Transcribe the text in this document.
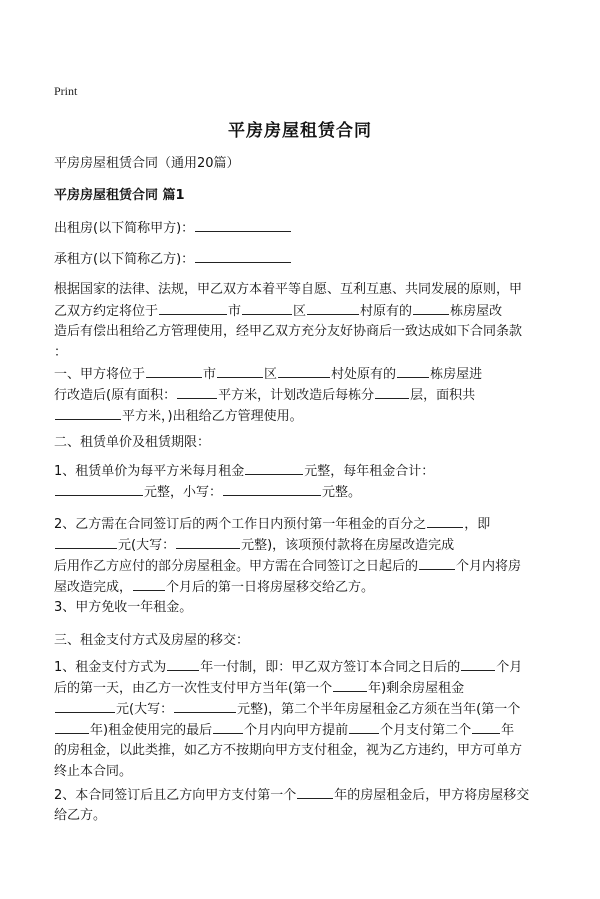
Print
平房房屋租赁合同
平房房屋租赁合同（通用20篇）
平房房屋租赁合同 篇1
出租房(以下简称甲方)：
承租方(以下简称乙方)：
根据国家的法律、法规，甲乙双方本着平等自愿、互利互惠、共同发展的原则，甲
乙双方约定将位于	市	区	村原有的	栋房屋改
造后有偿出租给乙方管理使用，经甲乙双方充分友好协商后一致达成如下合同条款
：
一、甲方将位于	市	区	村处原有的	栋房屋进
行改造后(原有面积：	平方米，计划改造后每栋分	层，面积共
平方米，)出租给乙方管理使用。
二、租赁单价及租赁期限：
1、租赁单价为每平方米每月租金	元整，每年租金合计：
元整，小写：	元整。
2、乙方需在合同签订后的两个工作日内预付第一年租金的百分之	，即
元(大写：	元整)，该项预付款将在房屋改造完成
后用作乙方应付的部分房屋租金。甲方需在合同签订之日起后的	个月内将房
屋改造完成，	个月后的第一日将房屋移交给乙方。
3、甲方免收一年租金。
三、租金支付方式及房屋的移交：
1、租金支付方式为	年一付制，即：甲乙双方签订本合同之日后的	个月
后的第一天，由乙方一次性支付甲方当年(第一个	年)剩余房屋租金
元(大写：	元整)，第二个半年房屋租金乙方须在当年(第一个
年)租金使用完的最后 个月内向甲方提前 个月支付第二个 年
的房租金，以此类推，如乙方不按期向甲方支付租金，视为乙方违约，甲方可单方
终止本合同。
2、本合同签订后且乙方向甲方支付第一个	年的房屋租金后，甲方将房屋移交
给乙方。
